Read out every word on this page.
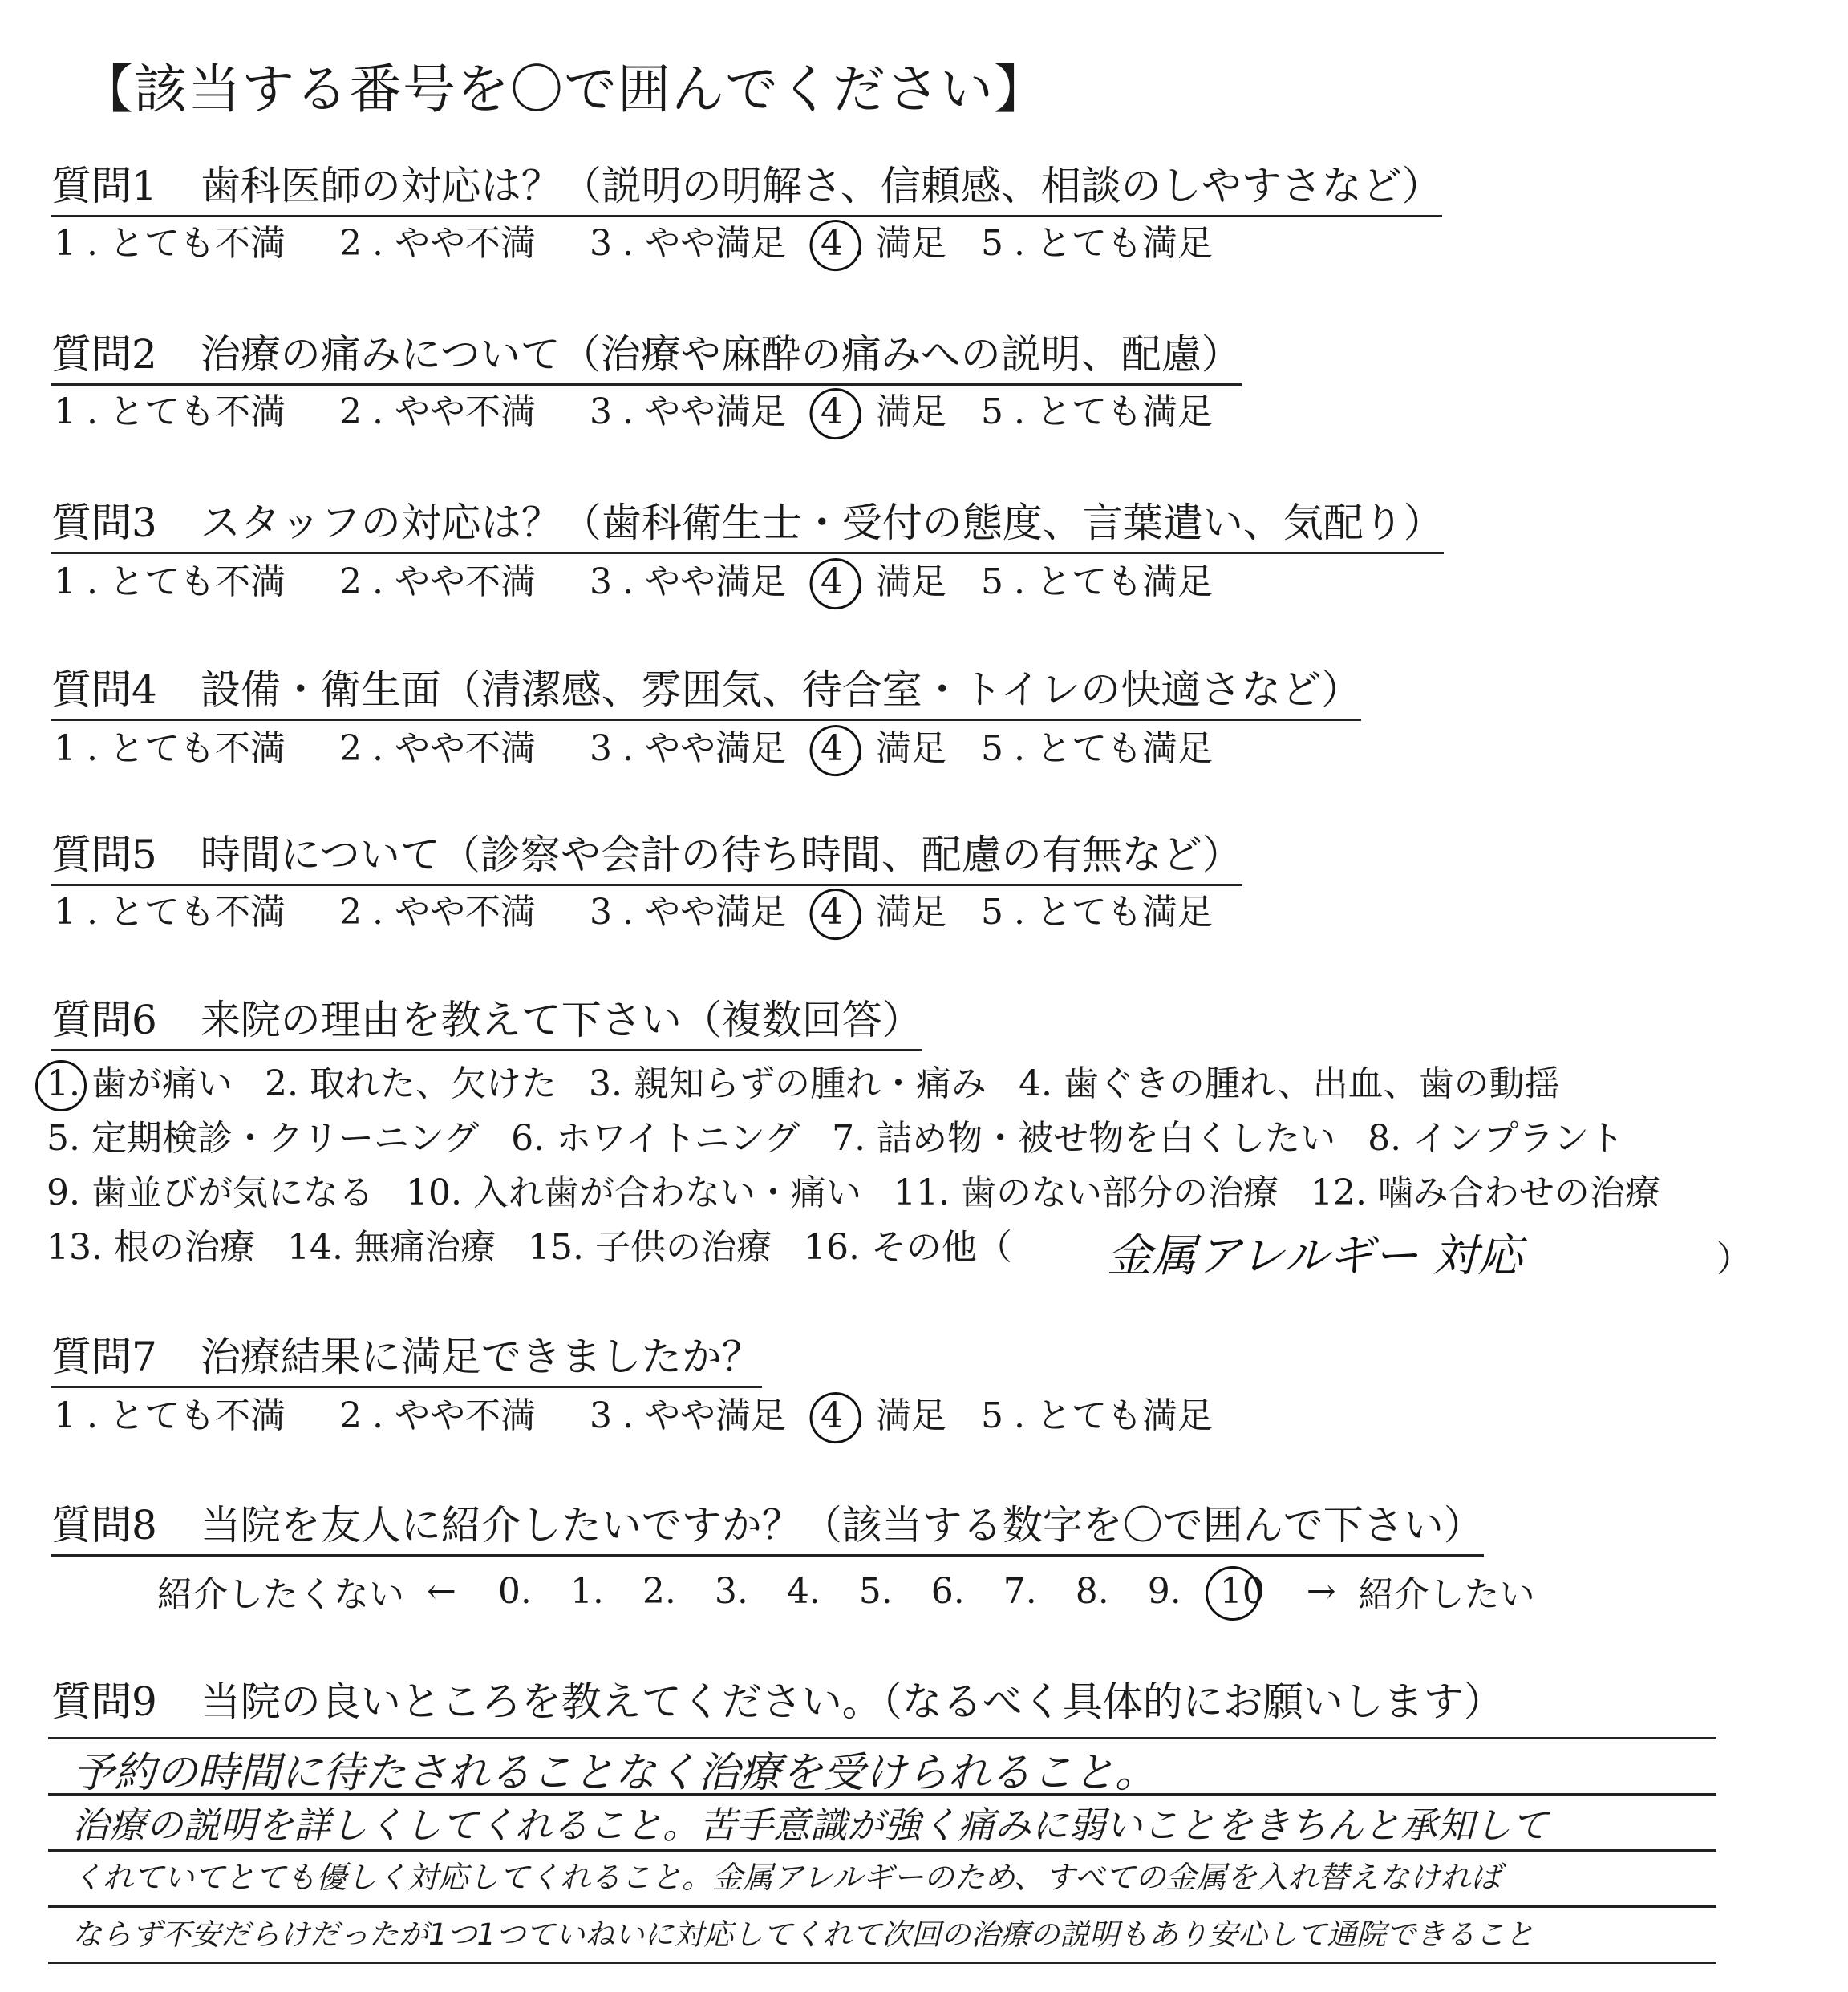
【該当する番号を〇で囲んでください】
質問1 歯科医師の対応は？（説明の明解さ、信頼感、相談のしやすさなど）
1 .
とても不満 2 .
やや不満 3 .
やや満足 4 .
満足 5 .
とても満足
質問2 治療の痛みについて（治療や麻酔の痛みへの説明、配慮）
1 .
とても不満 2 .
やや不満 3 .
やや満足 4 .
満足 5 .
とても満足
質問3 スタッフの対応は？（歯科衛生士・受付の態度、言葉遣い、気配り）
1 .
とても不満 2 .
やや不満 3 .
やや満足 4 .
満足 5 .
とても満足
質問4 設備・衛生面（清潔感、雰囲気、待合室・トイレの快適さなど）
1 .
とても不満 2 .
やや不満 3 .
やや満足 4 .
満足 5 .
とても満足
質問5 時間について（診察や会計の待ち時間、配慮の有無など）
1 .
とても不満 2 .
やや不満 3 .
やや満足 4 .
満足 5 .
とても満足
質問6 来院の理由を教えて下さい（複数回答）
1. 歯が痛い 2. 取れた、欠けた 3. 親知らずの腫れ・痛み 4. 歯ぐきの腫れ、出血、歯の動揺
5. 定期検診・クリーニング 6. ホワイトニング 7. 詰め物・被せ物を白くしたい 8. インプラント
9. 歯並びが気になる 10. 入れ歯が合わない・痛い 11. 歯のない部分の治療 12. 噛み合わせの治療
13. 根の治療 14. 無痛治療 15. 子供の治療 16. その他（ 金属アレルギー 対応	）
質問7 治療結果に満足できましたか？
1 .
とても不満 2 .
やや不満 3 .
やや満足 4 .
満足 5 .
とても満足
質問8 当院を友人に紹介したいですか？（該当する数字を〇で囲んで下さい）
紹介したくない ← 0. 1. 2. 3. 4. 5. 6. 7. 8. 9. 10 → 紹介したい
質問9 当院の良いところを教えてください。（なるべく具体的にお願いします）
予約の時間に待たされることなく治療を受けられること。
治療の説明を詳しくしてくれること。苦手意識が強く痛みに弱いことをきちんと承知して
くれていてとても優しく対応してくれること。金属アレルギーのため、すべての金属を入れ替えなければ
ならず不安だらけだったが1つ1つていねいに対応してくれて次回の治療の説明もあり安心して通院できること
